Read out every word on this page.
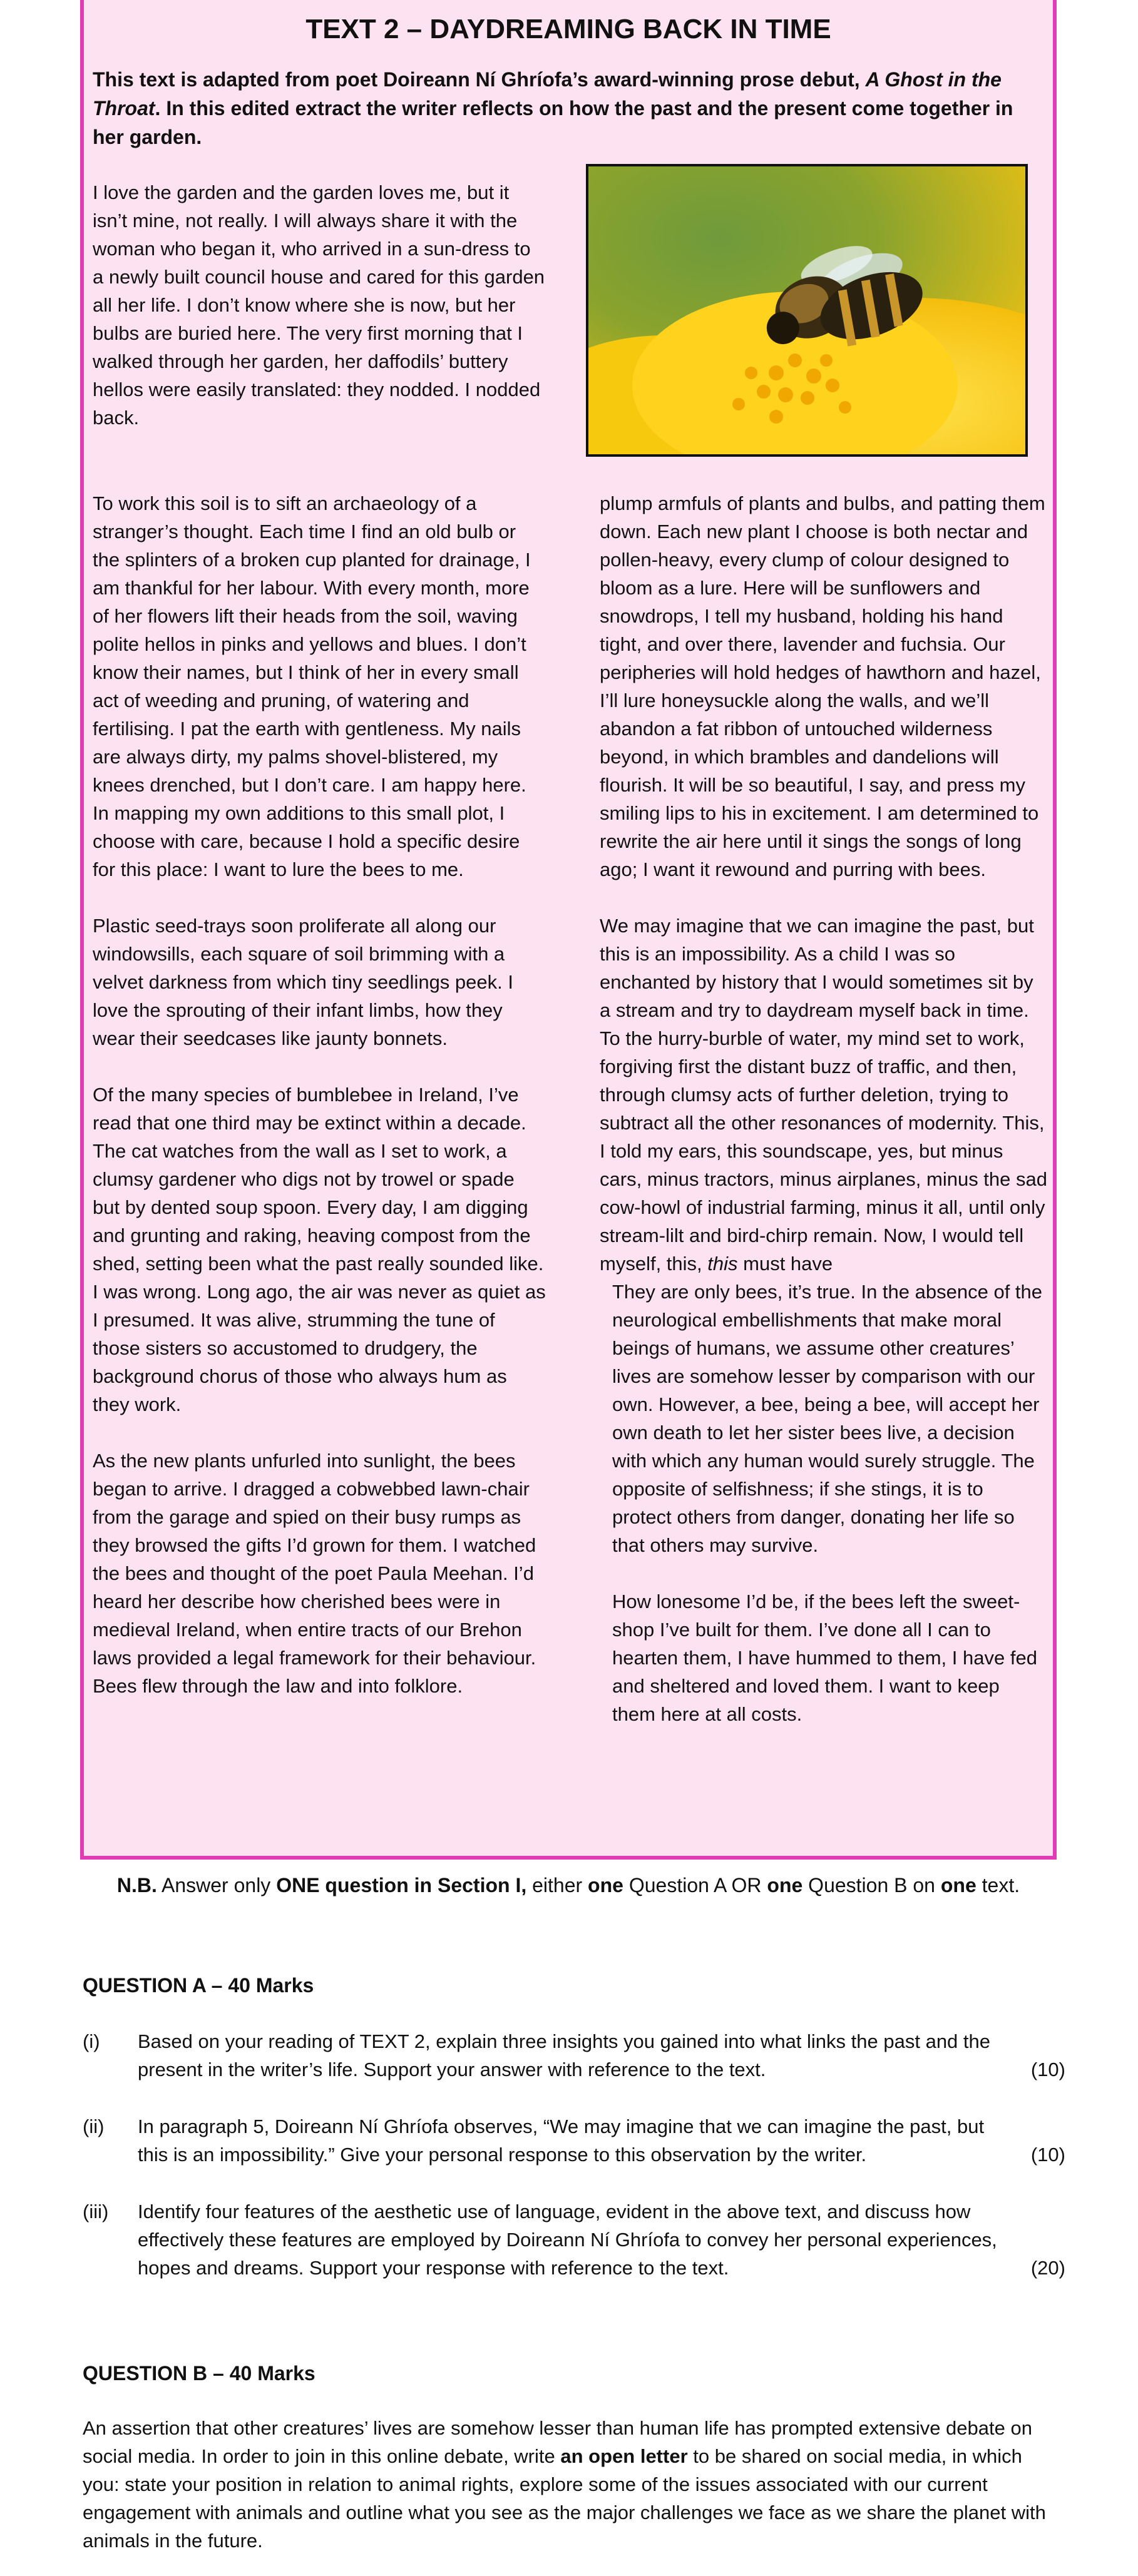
TEXT 2 – DAYDREAMING BACK IN TIME
This text is adapted from poet Doireann Ní Ghríofa’s award-winning prose debut, A Ghost in the Throat. In this edited extract the writer reflects on how the past and the present come together in her garden.

I love the garden and the garden loves me, but it isn’t mine, not really. I will always share it with the woman who began it, who arrived in a sun-dress to a newly built council house and cared for this garden all her life. I don’t know where she is now, but her bulbs are buried here. The very first morning that I walked through her garden, her daffodils’ buttery hellos were easily translated: they nodded. I nodded back.

To work this soil is to sift an archaeology of a stranger’s thought. Each time I find an old bulb or the splinters of a broken cup planted for drainage, I am thankful for her labour. With every month, more of her flowers lift their heads from the soil, waving polite hellos in pinks and yellows and blues. I don’t know their names, but I think of her in every small act of weeding and pruning, of watering and fertilising. I pat the earth with gentleness. My nails are always dirty, my palms shovel-blistered, my knees drenched, but I don’t care. I am happy here. In mapping my own additions to this small plot, I choose with care, because I hold a specific desire for this place: I want to lure the bees to me.

Plastic seed-trays soon proliferate all along our windowsills, each square of soil brimming with a velvet darkness from which tiny seedlings peek. I love the sprouting of their infant limbs, how they wear their seedcases like jaunty bonnets.

Of the many species of bumblebee in Ireland, I’ve read that one third may be extinct within a decade. The cat watches from the wall as I set to work, a clumsy gardener who digs not by trowel or spade but by dented soup spoon. Every day, I am digging and grunting and raking, heaving compost from the shed, setting been what the past really sounded like. I was wrong. Long ago, the air was never as quiet as I presumed. It was alive, strumming the tune of those sisters so accustomed to drudgery, the background chorus of those who always hum as they work.

As the new plants unfurled into sunlight, the bees began to arrive. I dragged a cobwebbed lawn-chair from the garage and spied on their busy rumps as they browsed the gifts I’d grown for them. I watched the bees and thought of the poet Paula Meehan. I’d heard her describe how cherished bees were in medieval Ireland, when entire tracts of our Brehon laws provided a legal framework for their behaviour. Bees flew through the law and into folklore.

plump armfuls of plants and bulbs, and patting them down. Each new plant I choose is both nectar and pollen-heavy, every clump of colour designed to bloom as a lure. Here will be sunflowers and snowdrops, I tell my husband, holding his hand tight, and over there, lavender and fuchsia. Our peripheries will hold hedges of hawthorn and hazel, I’ll lure honeysuckle along the walls, and we’ll abandon a fat ribbon of untouched wilderness beyond, in which brambles and dandelions will flourish. It will be so beautiful, I say, and press my smiling lips to his in excitement. I am determined to rewrite the air here until it sings the songs of long ago; I want it rewound and purring with bees.

We may imagine that we can imagine the past, but this is an impossibility. As a child I was so enchanted by history that I would sometimes sit by a stream and try to daydream myself back in time. To the hurry-burble of water, my mind set to work, forgiving first the distant buzz of traffic, and then, through clumsy acts of further deletion, trying to subtract all the other resonances of modernity. This, I told my ears, this soundscape, yes, but minus cars, minus tractors, minus airplanes, minus the sad cow-howl of industrial farming, minus it all, until only stream-lilt and bird-chirp remain. Now, I would tell myself, this, this must have

They are only bees, it’s true. In the absence of the neurological embellishments that make moral beings of humans, we assume other creatures’ lives are somehow lesser by comparison with our own. However, a bee, being a bee, will accept her own death to let her sister bees live, a decision with which any human would surely struggle. The opposite of selfishness; if she stings, it is to protect others from danger, donating her life so that others may survive.

How lonesome I’d be, if the bees left the sweet-shop I’ve built for them. I’ve done all I can to hearten them, I have hummed to them, I have fed and sheltered and loved them. I want to keep them here at all costs.

N.B. Answer only ONE question in Section I, either one Question A OR one Question B on one text.
QUESTION A – 40 Marks
(i) Based on your reading of TEXT 2, explain three insights you gained into what links the past and the present in the writer’s life. Support your answer with reference to the text.	(10)
(ii) In paragraph 5, Doireann Ní Ghríofa observes, “We may imagine that we can imagine the past, but this is an impossibility.” Give your personal response to this observation by the writer.	(10)
(iii) Identify four features of the aesthetic use of language, evident in the above text, and discuss how effectively these features are employed by Doireann Ní Ghríofa to convey her personal experiences, hopes and dreams. Support your response with reference to the text.	(20)
QUESTION B – 40 Marks
An assertion that other creatures’ lives are somehow lesser than human life has prompted extensive debate on social media. In order to join in this online debate, write an open letter to be shared on social media, in which you: state your position in relation to animal rights, explore some of the issues associated with our current engagement with animals and outline what you see as the major challenges we face as we share the planet with animals in the future.
